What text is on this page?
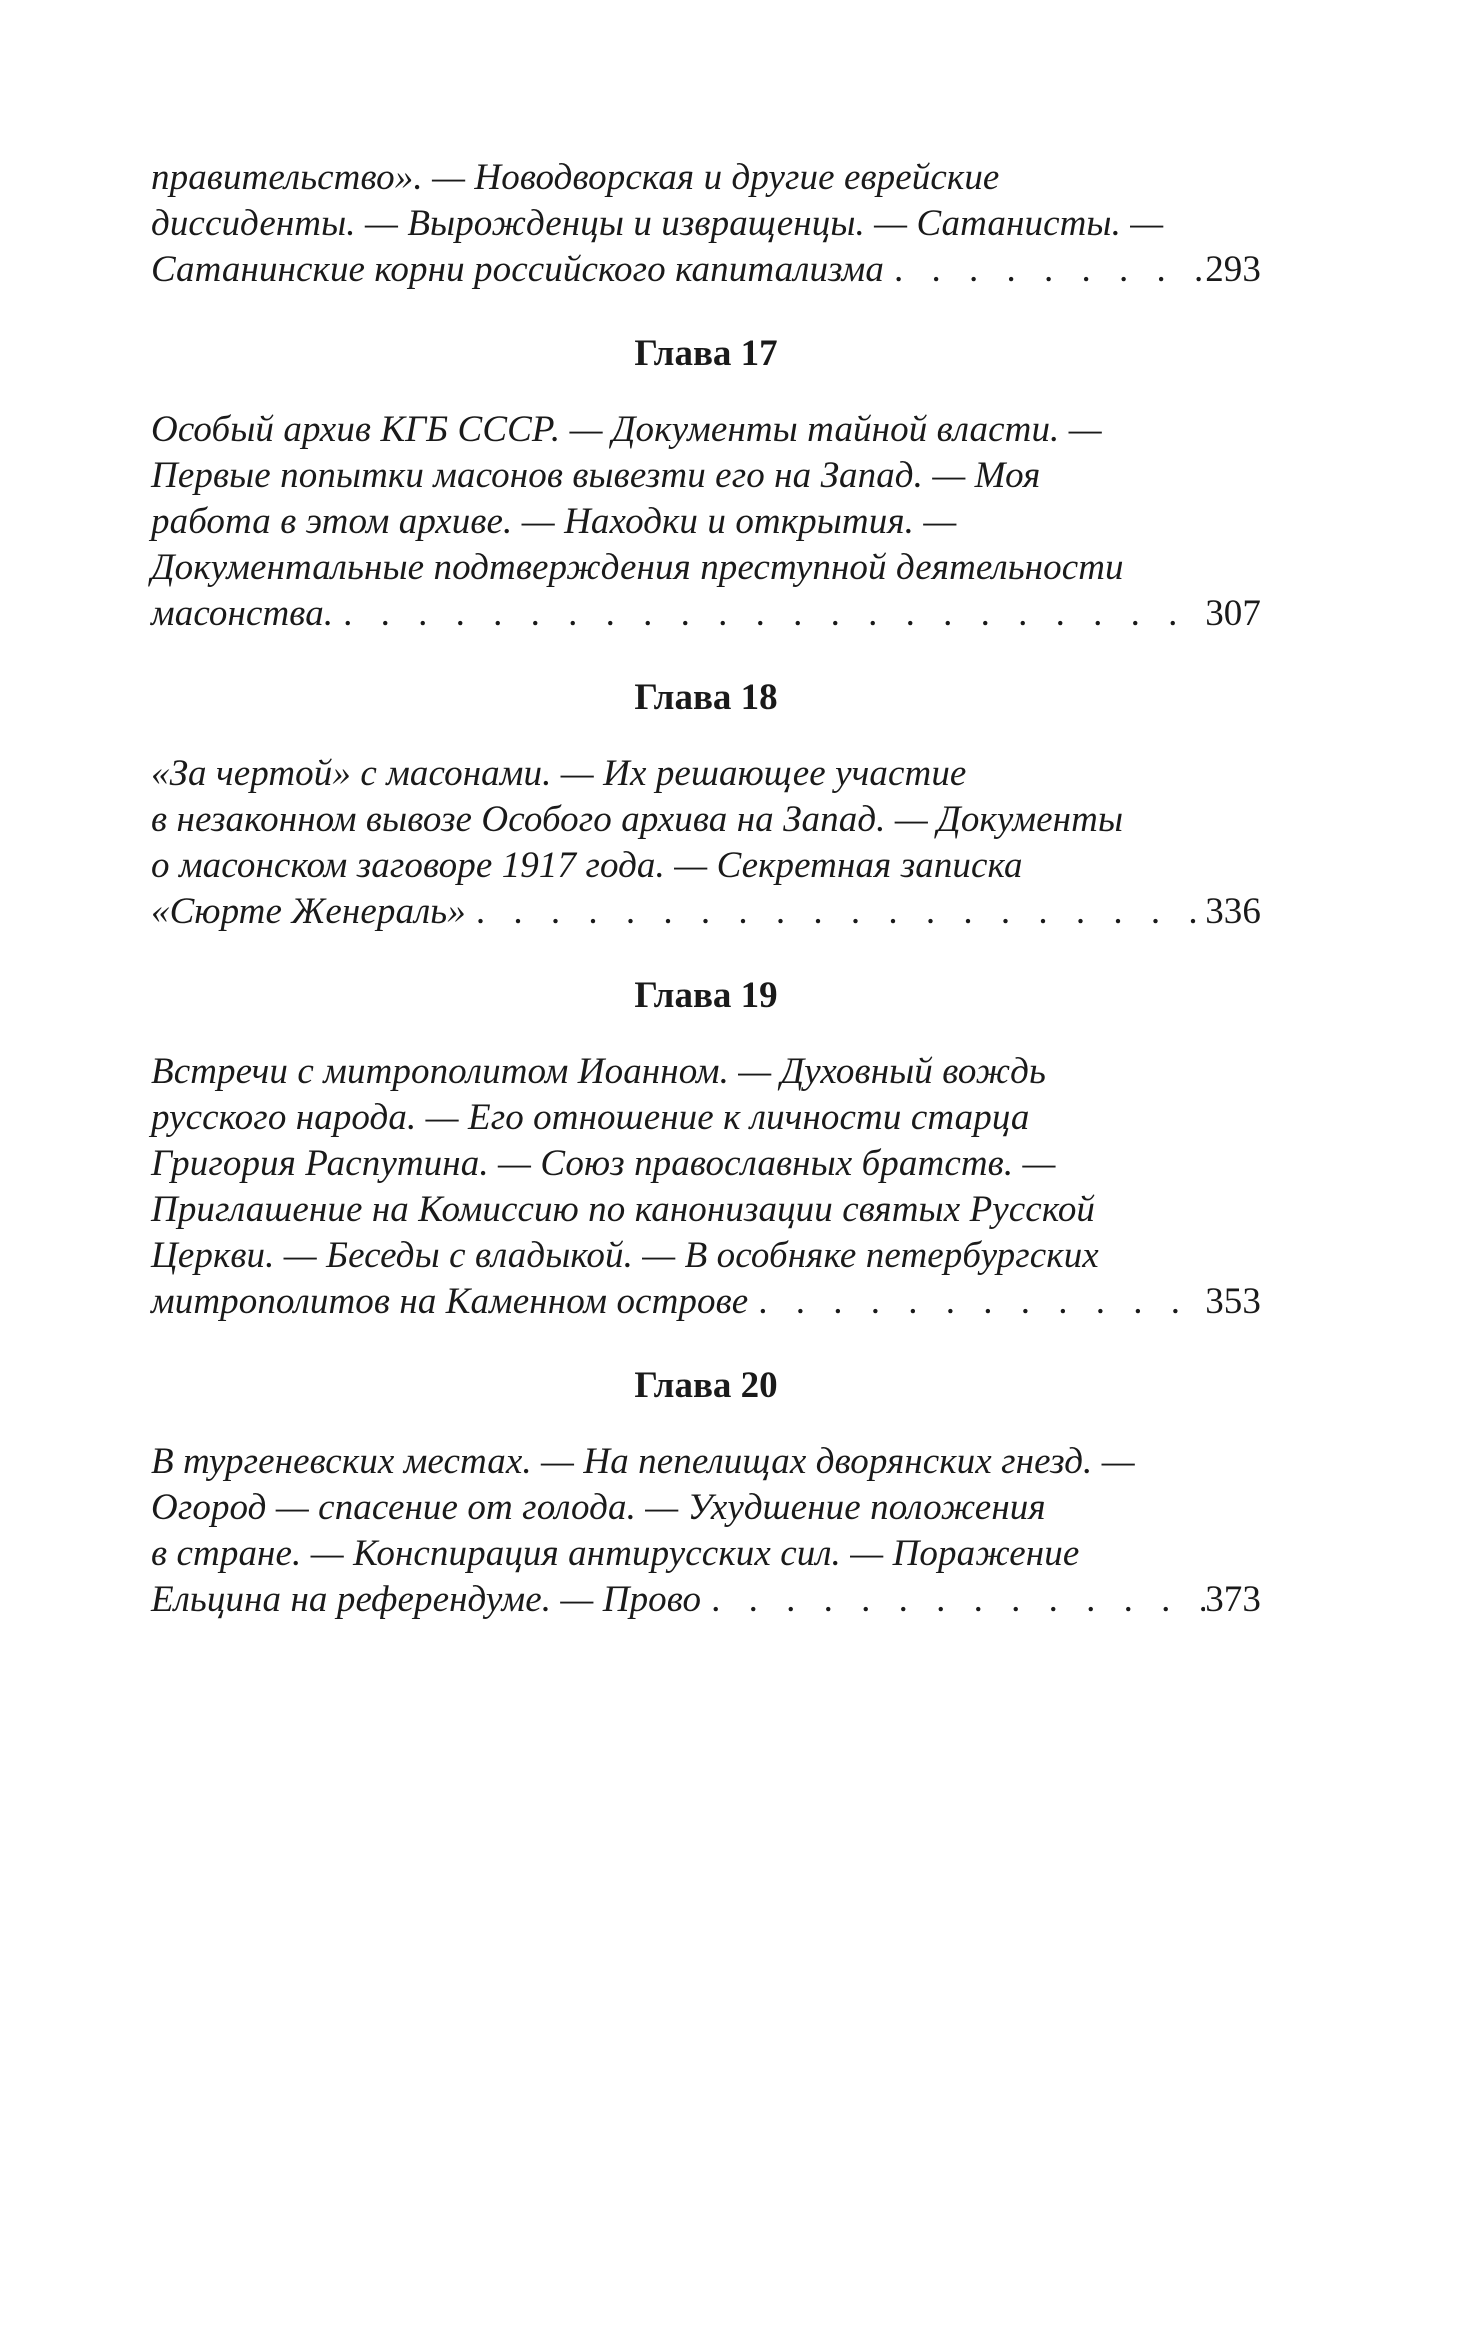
правительство». — Новодворская и другие еврейские
диссиденты. — Вырожденцы и извращенцы. — Сатанисты. —
Сатанинские корни российского капитализма . . .	293
Глава 17
Особый архив КГБ СССР. — Документы тайной власти. —
Первые попытки масонов вывезти его на Запад. — Моя
работа в этом архиве. — Находки и открытия. —
Документальные подтверждения преступной деятельности
масонства. . . .	307
Глава 18
«За чертой» с масонами. — Их решающее участие
в незаконном вывозе Особого архива на Запад. — Документы
о масонском заговоре 1917 года. — Секретная записка
«Сюрте Женераль» . . .	336
Глава 19
Встречи с митрополитом Иоанном. — Духовный вождь
русского народа. — Его отношение к личности старца
Григория Распутина. — Союз православных братств. —
Приглашение на Комиссию по канонизации святых Русской
Церкви. — Беседы с владыкой. — В особняке петербургских
митрополитов на Каменном острове . . .	353
Глава 20
В тургеневских местах. — На пепелищах дворянских гнезд. —
Огород — спасение от голода. — Ухудшение положения
в стране. — Конспирация антирусских сил. — Поражение
Ельцина на референдуме. — Прово . . .	373
